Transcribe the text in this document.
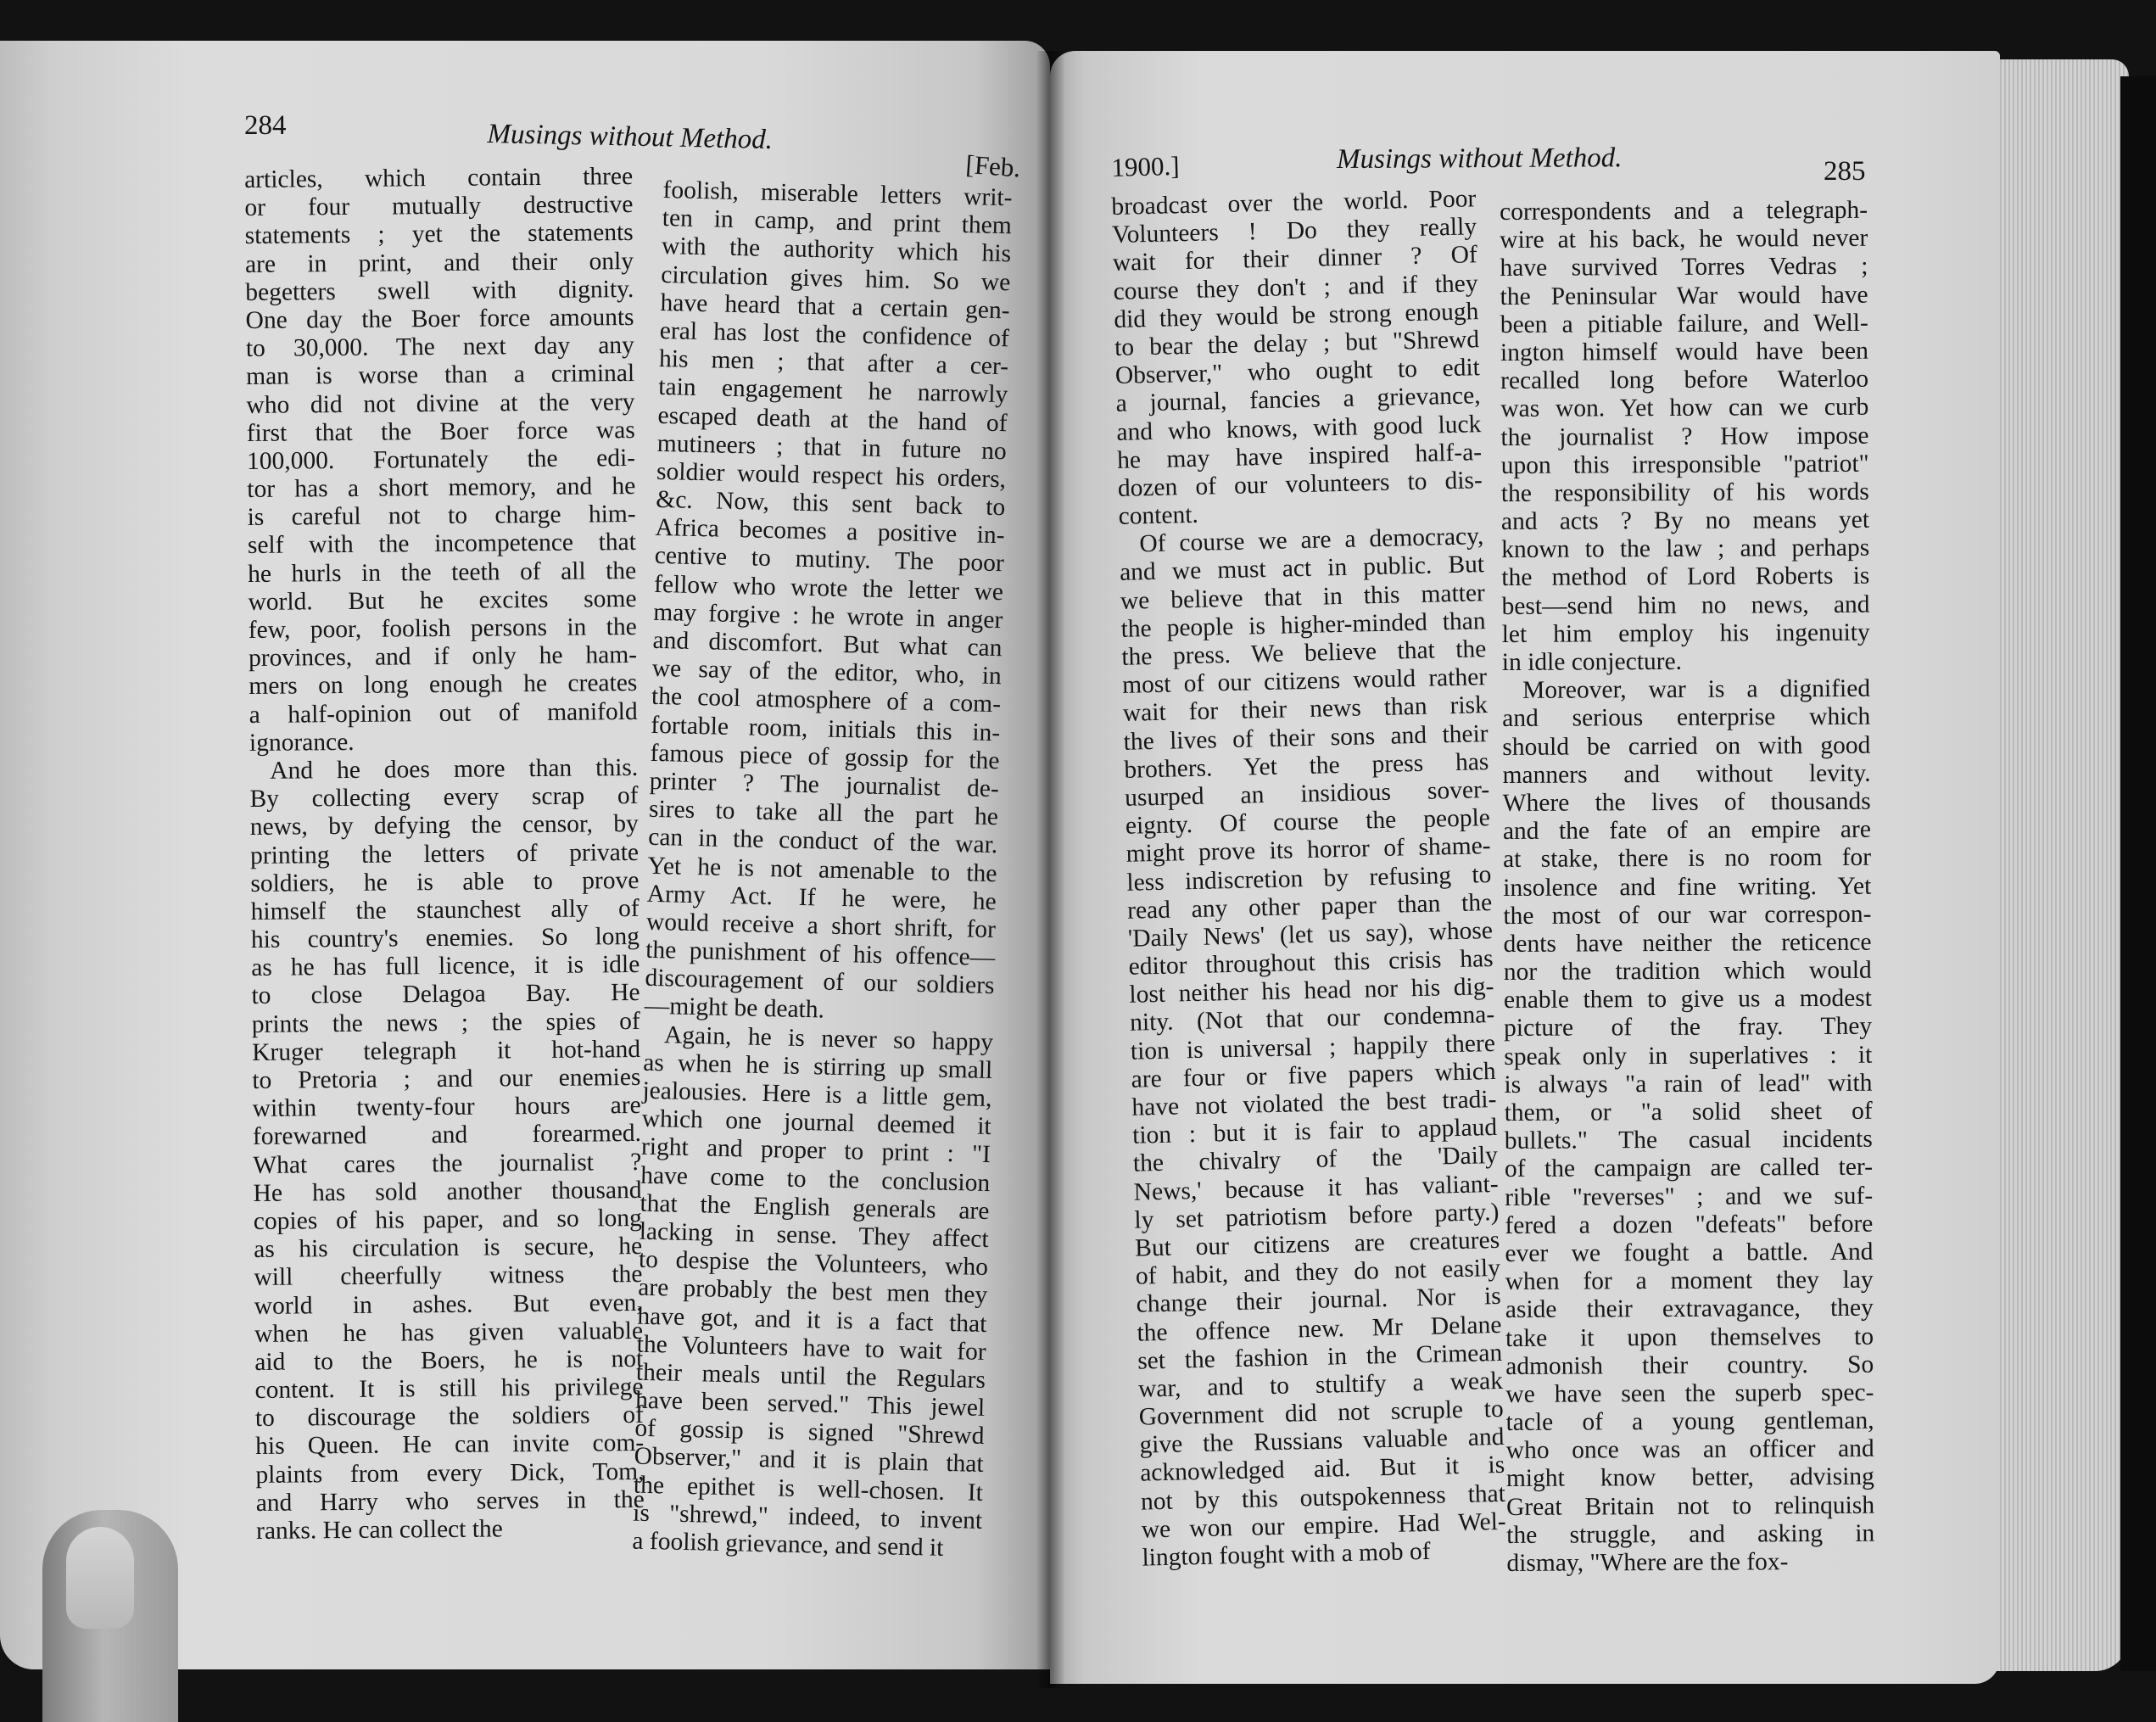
284	Musings without Method.
[Feb.
articles, which contain three
or four mutually destructive
statements ; yet the statements
are in print, and their only
begetters swell with dignity.
One day the Boer force amounts
to 30,000. The next day any
man is worse than a criminal
who did not divine at the very
first that the Boer force was
100,000. Fortunately the edi-
tor has a short memory, and he
is careful not to charge him-
self with the incompetence that
he hurls in the teeth of all the
world. But he excites some
few, poor, foolish persons in the
provinces, and if only he ham-
mers on long enough he creates
a half-opinion out of manifold
ignorance.
And he does more than this.
By collecting every scrap of
news, by defying the censor, by
printing the letters of private
soldiers, he is able to prove
himself the staunchest ally of
his country's enemies. So long
as he has full licence, it is idle
to close Delagoa Bay. He
prints the news ; the spies of
Kruger telegraph it hot-hand
to Pretoria ; and our enemies
within twenty-four hours are
forewarned and forearmed.
What cares the journalist ?
He has sold another thousand
copies of his paper, and so long
as his circulation is secure, he
will cheerfully witness the
world in ashes. But even,
when he has given valuable
aid to the Boers, he is not
content. It is still his privilege
to discourage the soldiers of
his Queen. He can invite com-
plaints from every Dick, Tom,
and Harry who serves in the
ranks. He can collect the
foolish, miserable letters writ-
ten in camp, and print them
with the authority which his
circulation gives him. So we
have heard that a certain gen-
eral has lost the confidence of
his men ; that after a cer-
tain engagement he narrowly
escaped death at the hand of
mutineers ; that in future no
soldier would respect his orders,
&c. Now, this sent back to
Africa becomes a positive in-
centive to mutiny. The poor
fellow who wrote the letter we
may forgive : he wrote in anger
and discomfort. But what can
we say of the editor, who, in
the cool atmosphere of a com-
fortable room, initials this in-
famous piece of gossip for the
printer ? The journalist de-
sires to take all the part he
can in the conduct of the war.
Yet he is not amenable to the
Army Act. If he were, he
would receive a short shrift, for
the punishment of his offence—
discouragement of our soldiers
—might be death.
Again, he is never so happy
as when he is stirring up small
jealousies. Here is a little gem,
which one journal deemed it
right and proper to print : "I
have come to the conclusion
that the English generals are
lacking in sense. They affect
to despise the Volunteers, who
are probably the best men they
have got, and it is a fact that
the Volunteers have to wait for
their meals until the Regulars
have been served." This jewel
of gossip is signed "Shrewd
Observer," and it is plain that
the epithet is well-chosen. It
is "shrewd," indeed, to invent
a foolish grievance, and send it
1900.]	Musings without Method.	285
broadcast over the world. Poor
Volunteers ! Do they really
wait for their dinner ? Of
course they don't ; and if they
did they would be strong enough
to bear the delay ; but "Shrewd
Observer," who ought to edit
a journal, fancies a grievance,
and who knows, with good luck
he may have inspired half-a-
dozen of our volunteers to dis-
content.
Of course we are a democracy,
and we must act in public. But
we believe that in this matter
the people is higher-minded than
the press. We believe that the
most of our citizens would rather
wait for their news than risk
the lives of their sons and their
brothers. Yet the press has
usurped an insidious sover-
eignty. Of course the people
might prove its horror of shame-
less indiscretion by refusing to
read any other paper than the
'Daily News' (let us say), whose
editor throughout this crisis has
lost neither his head nor his dig-
nity. (Not that our condemna-
tion is universal ; happily there
are four or five papers which
have not violated the best tradi-
tion : but it is fair to applaud
the chivalry of the 'Daily
News,' because it has valiant-
ly set patriotism before party.)
But our citizens are creatures
of habit, and they do not easily
change their journal. Nor is
the offence new. Mr Delane
set the fashion in the Crimean
war, and to stultify a weak
Government did not scruple to
give the Russians valuable and
acknowledged aid. But it is
not by this outspokenness that
we won our empire. Had Wel-
lington fought with a mob of
correspondents and a telegraph-
wire at his back, he would never
have survived Torres Vedras ;
the Peninsular War would have
been a pitiable failure, and Well-
ington himself would have been
recalled long before Waterloo
was won. Yet how can we curb
the journalist ? How impose
upon this irresponsible "patriot"
the responsibility of his words
and acts ? By no means yet
known to the law ; and perhaps
the method of Lord Roberts is
best—send him no news, and
let him employ his ingenuity
in idle conjecture.
Moreover, war is a dignified
and serious enterprise which
should be carried on with good
manners and without levity.
Where the lives of thousands
and the fate of an empire are
at stake, there is no room for
insolence and fine writing. Yet
the most of our war correspon-
dents have neither the reticence
nor the tradition which would
enable them to give us a modest
picture of the fray. They
speak only in superlatives : it
is always "a rain of lead" with
them, or "a solid sheet of
bullets." The casual incidents
of the campaign are called ter-
rible "reverses" ; and we suf-
fered a dozen "defeats" before
ever we fought a battle. And
when for a moment they lay
aside their extravagance, they
take it upon themselves to
admonish their country. So
we have seen the superb spec-
tacle of a young gentleman,
who once was an officer and
might know better, advising
Great Britain not to relinquish
the struggle, and asking in
dismay, "Where are the fox-
